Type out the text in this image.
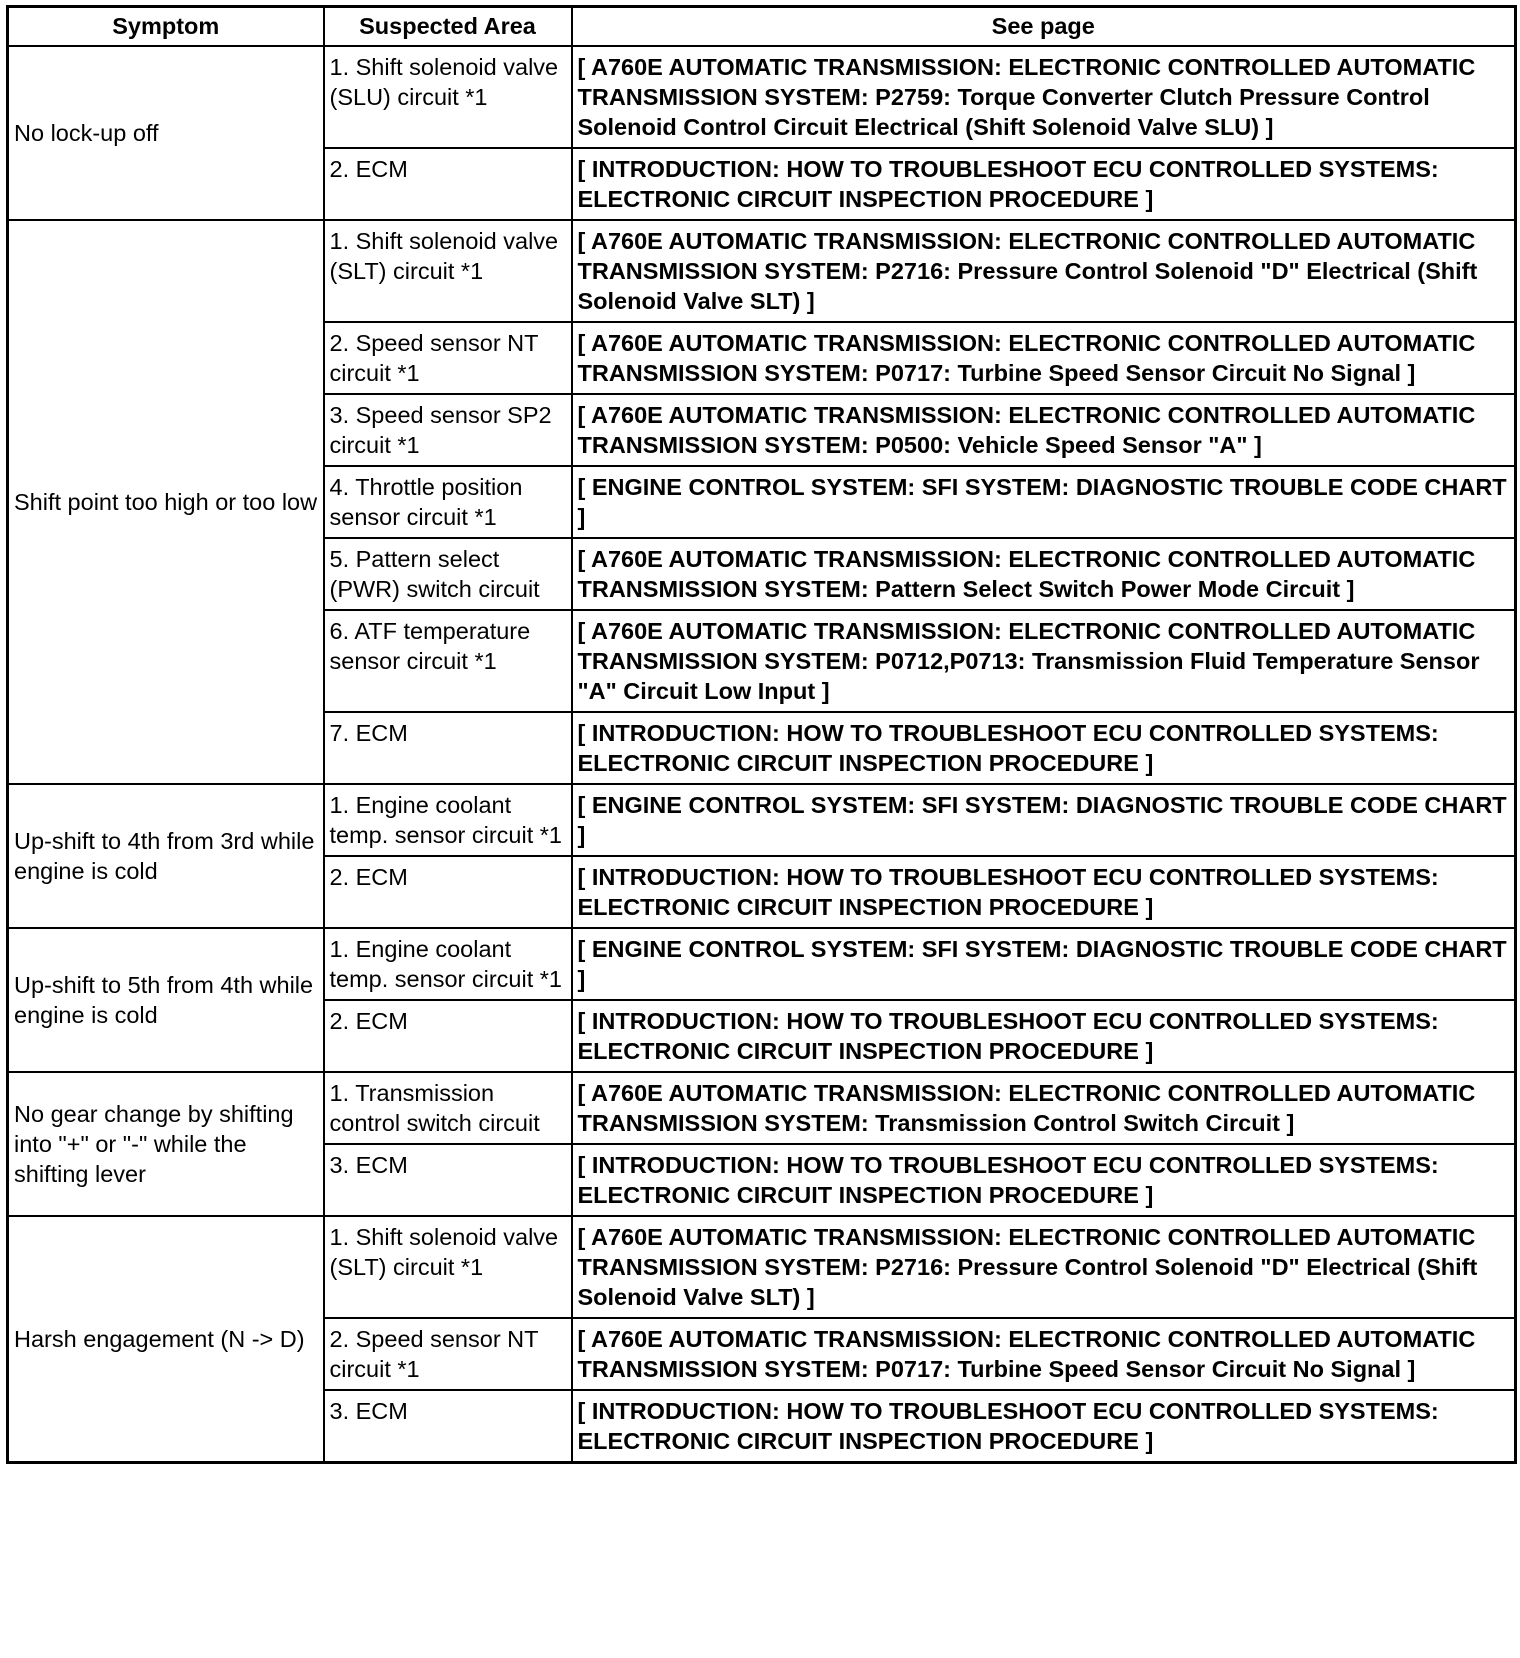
Symptom	Suspected Area	See page
No lock-up off	1. Shift solenoid valve (SLU) circuit *1	[ A760E AUTOMATIC TRANSMISSION: ELECTRONIC CONTROLLED AUTOMATIC TRANSMISSION SYSTEM: P2759: Torque Converter Clutch Pressure Control Solenoid Control Circuit Electrical (Shift Solenoid Valve SLU) ]
	2. ECM	[ INTRODUCTION: HOW TO TROUBLESHOOT ECU CONTROLLED SYSTEMS: ELECTRONIC CIRCUIT INSPECTION PROCEDURE ]
Shift point too high or too low	1. Shift solenoid valve (SLT) circuit *1	[ A760E AUTOMATIC TRANSMISSION: ELECTRONIC CONTROLLED AUTOMATIC TRANSMISSION SYSTEM: P2716: Pressure Control Solenoid "D" Electrical (Shift Solenoid Valve SLT) ]
	2. Speed sensor NT circuit *1	[ A760E AUTOMATIC TRANSMISSION: ELECTRONIC CONTROLLED AUTOMATIC TRANSMISSION SYSTEM: P0717: Turbine Speed Sensor Circuit No Signal ]
	3. Speed sensor SP2 circuit *1	[ A760E AUTOMATIC TRANSMISSION: ELECTRONIC CONTROLLED AUTOMATIC TRANSMISSION SYSTEM: P0500: Vehicle Speed Sensor "A" ]
	4. Throttle position sensor circuit *1	[ ENGINE CONTROL SYSTEM: SFI SYSTEM: DIAGNOSTIC TROUBLE CODE CHART ]
	5. Pattern select (PWR) switch circuit	[ A760E AUTOMATIC TRANSMISSION: ELECTRONIC CONTROLLED AUTOMATIC TRANSMISSION SYSTEM: Pattern Select Switch Power Mode Circuit ]
	6. ATF temperature sensor circuit *1	[ A760E AUTOMATIC TRANSMISSION: ELECTRONIC CONTROLLED AUTOMATIC TRANSMISSION SYSTEM: P0712,P0713: Transmission Fluid Temperature Sensor "A" Circuit Low Input ]
	7. ECM	[ INTRODUCTION: HOW TO TROUBLESHOOT ECU CONTROLLED SYSTEMS: ELECTRONIC CIRCUIT INSPECTION PROCEDURE ]
Up-shift to 4th from 3rd while engine is cold	1. Engine coolant temp. sensor circuit *1	[ ENGINE CONTROL SYSTEM: SFI SYSTEM: DIAGNOSTIC TROUBLE CODE CHART ]
	2. ECM	[ INTRODUCTION: HOW TO TROUBLESHOOT ECU CONTROLLED SYSTEMS: ELECTRONIC CIRCUIT INSPECTION PROCEDURE ]
Up-shift to 5th from 4th while engine is cold	1. Engine coolant temp. sensor circuit *1	[ ENGINE CONTROL SYSTEM: SFI SYSTEM: DIAGNOSTIC TROUBLE CODE CHART ]
	2. ECM	[ INTRODUCTION: HOW TO TROUBLESHOOT ECU CONTROLLED SYSTEMS: ELECTRONIC CIRCUIT INSPECTION PROCEDURE ]
No gear change by shifting into "+" or "-" while the shifting lever	1. Transmission control switch circuit	[ A760E AUTOMATIC TRANSMISSION: ELECTRONIC CONTROLLED AUTOMATIC TRANSMISSION SYSTEM: Transmission Control Switch Circuit ]
	3. ECM	[ INTRODUCTION: HOW TO TROUBLESHOOT ECU CONTROLLED SYSTEMS: ELECTRONIC CIRCUIT INSPECTION PROCEDURE ]
Harsh engagement (N -> D)	1. Shift solenoid valve (SLT) circuit *1	[ A760E AUTOMATIC TRANSMISSION: ELECTRONIC CONTROLLED AUTOMATIC TRANSMISSION SYSTEM: P2716: Pressure Control Solenoid "D" Electrical (Shift Solenoid Valve SLT) ]
	2. Speed sensor NT circuit *1	[ A760E AUTOMATIC TRANSMISSION: ELECTRONIC CONTROLLED AUTOMATIC TRANSMISSION SYSTEM: P0717: Turbine Speed Sensor Circuit No Signal ]
	3. ECM	[ INTRODUCTION: HOW TO TROUBLESHOOT ECU CONTROLLED SYSTEMS: ELECTRONIC CIRCUIT INSPECTION PROCEDURE ]
